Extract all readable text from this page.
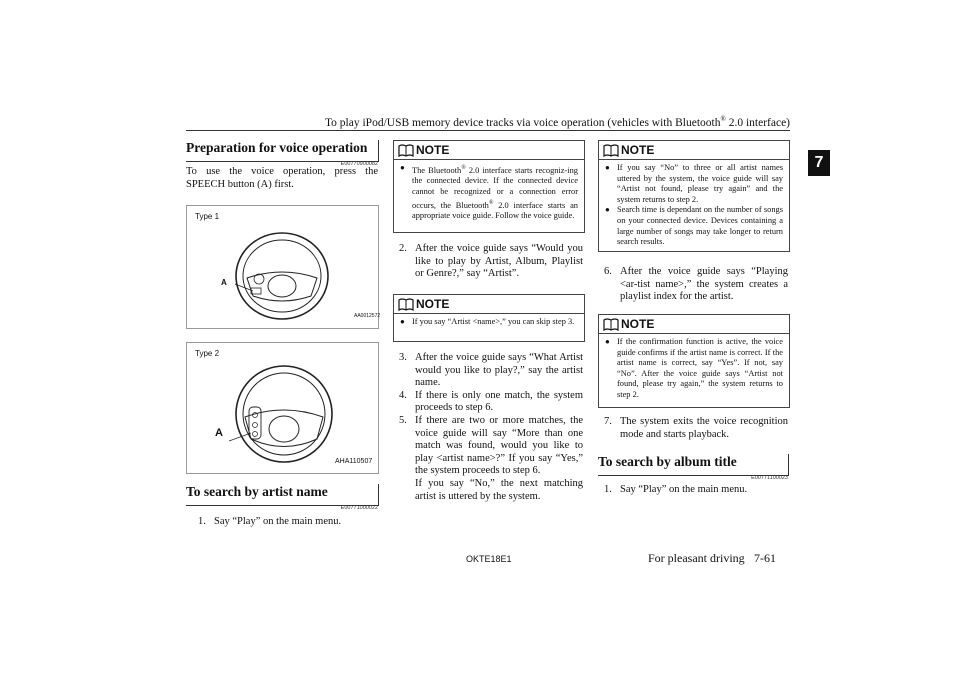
To play iPod/USB memory device tracks via voice operation (vehicles with Bluetooth® 2.0 interface)
7
Preparation for voice operation
E00770900082
To use the voice operation, press the SPEECH button (A) first.
Type 1
A
AA0012572
Type 2
A
AHA110507
To search by artist name
E00771000022
1. Say “Play” on the main menu.
NOTE
● The Bluetooth® 2.0 interface starts recogniz-ing the connected device. If the connected device cannot be recognized or a connection error occurs, the Bluetooth® 2.0 interface starts an appropriate voice guide. Follow the voice guide.
2. After the voice guide says “Would you like to play by Artist, Album, Playlist or Genre?,” say “Artist”.
NOTE
● If you say “Artist <name>,” you can skip step 3.
3. After the voice guide says “What Artist would you like to play?,” say the artist name.
4. If there is only one match, the system proceeds to step 6.
5. If there are two or more matches, the voice guide will say “More than one match was found, would you like to play <artist name>?” If you say “Yes,” the system proceeds to step 6.
If you say “No,” the next matching artist is uttered by the system.
NOTE
● If you say “No” to three or all artist names uttered by the system, the voice guide will say “Artist not found, please try again” and the system returns to step 2.
● Search time is dependant on the number of songs on your connected device. Devices containing a large number of songs may take longer to return search results.
6. After the voice guide says “Playing <ar-tist name>,” the system creates a playlist index for the artist.
NOTE
● If the confirmation function is active, the voice guide confirms if the artist name is correct. If the artist name is correct, say “Yes”. If not, say “No”. After the voice guide says “Artist not found, please try again,” the system returns to step 2.
7. The system exits the voice recognition mode and starts playback.
To search by album title
E00771100023
1. Say “Play” on the main menu.
OKTE18E1	For pleasant driving 7-61
